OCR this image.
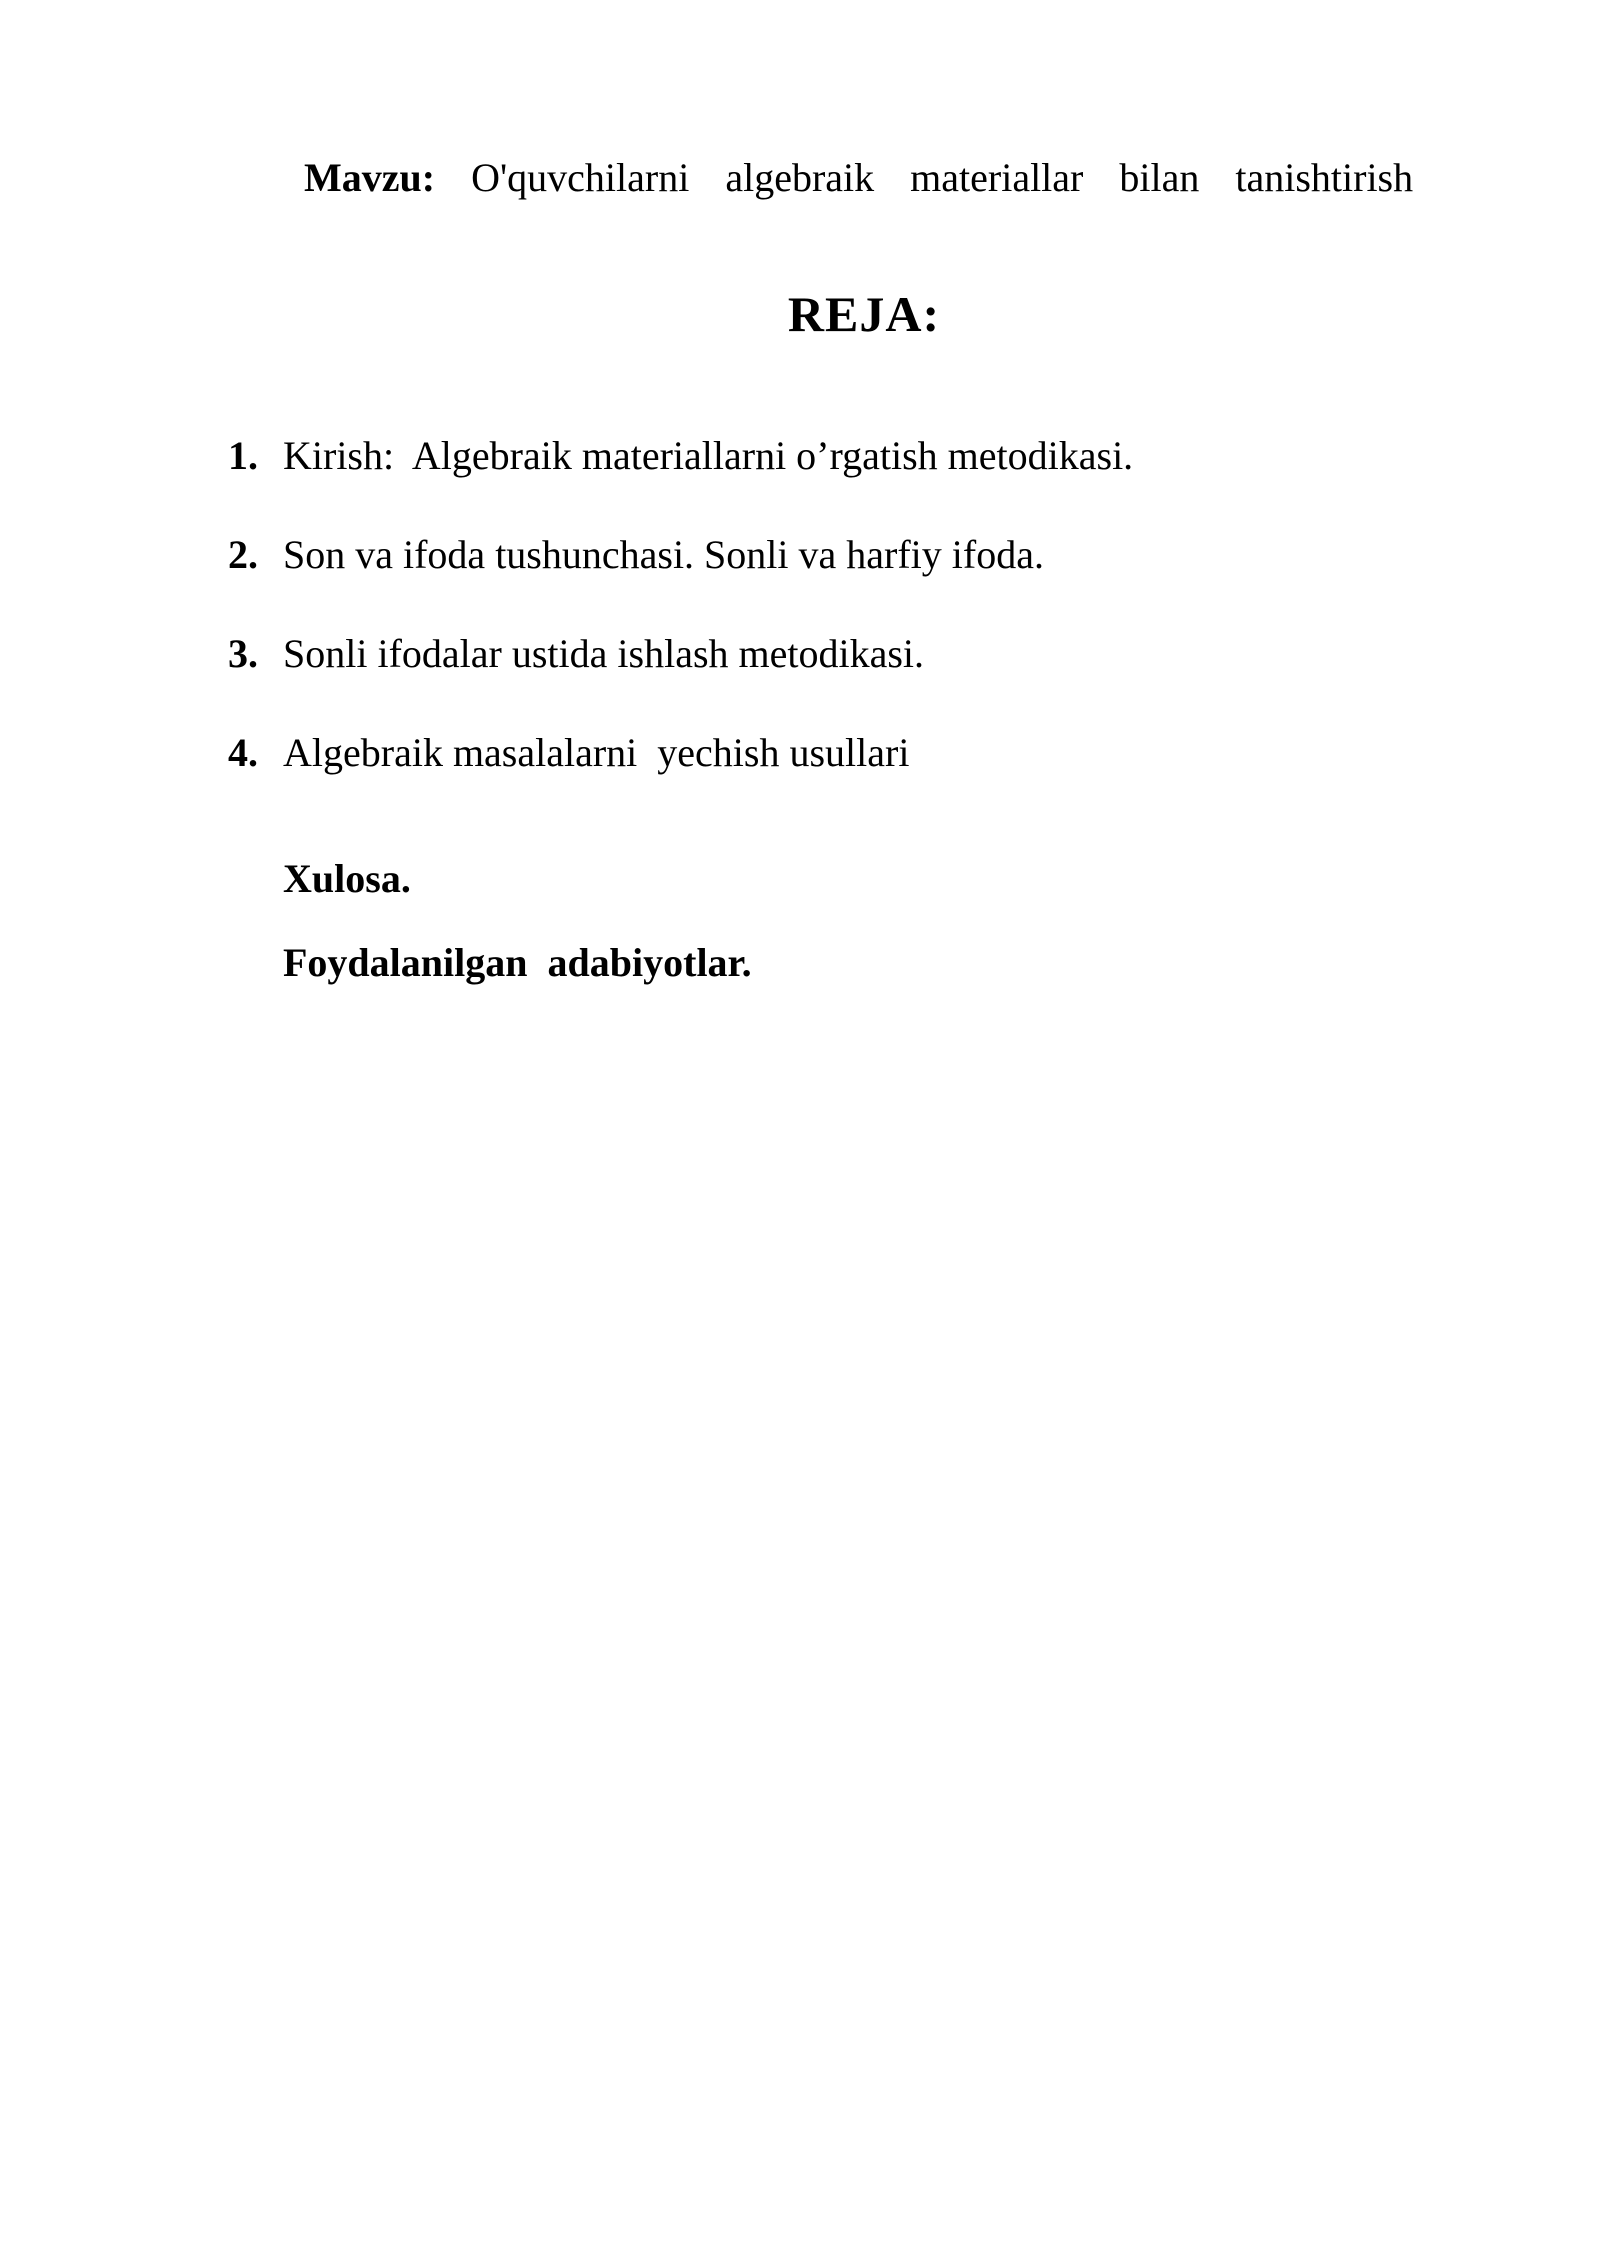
Mavzu: O'quvchilarni  algebraik  materiallar  bilan  tanishtirish
REJA:

1.

Kirish:  Algebraik materiallarni o’rgatish metodikasi.

2.

Son va ifoda tushunchasi. Sonli va harfiy ifoda.

3.

Sonli ifodalar ustida ishlash metodikasi.

4.

Algebraik masalalarni  yechish usullari

Xulosa.
Foydalanilgan  adabiyotlar.
